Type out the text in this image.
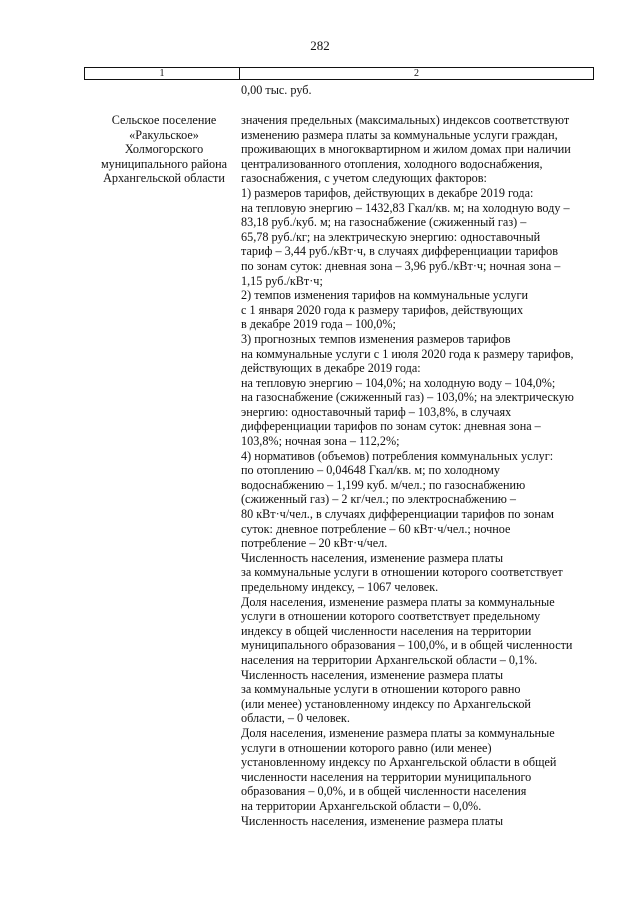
282
1	2
0,00 тыс. руб.
Сельское поселение
«Ракульское»
Холмогорского
муниципального района
Архангельской области
значения предельных (максимальных) индексов соответствуют
изменению размера платы за коммунальные услуги граждан,
проживающих в многоквартирном и жилом домах при наличии
централизованного отопления, холодного водоснабжения,
газоснабжения, с учетом следующих факторов:
1) размеров тарифов, действующих в декабре 2019 года:
на тепловую энергию – 1432,83 Гкал/кв. м; на холодную воду –
83,18 руб./куб. м; на газоснабжение (сжиженный газ) –
65,78 руб./кг; на электрическую энергию: одноставочный
тариф – 3,44 руб./кВт·ч, в случаях дифференциации тарифов
по зонам суток: дневная зона – 3,96 руб./кВт·ч; ночная зона –
1,15 руб./кВт·ч;
2) темпов изменения тарифов на коммунальные услуги
с 1 января 2020 года к размеру тарифов, действующих
в декабре 2019 года – 100,0%;
3) прогнозных темпов изменения размеров тарифов
на коммунальные услуги с 1 июля 2020 года к размеру тарифов,
действующих в декабре 2019 года:
на тепловую энергию – 104,0%; на холодную воду – 104,0%;
на газоснабжение (сжиженный газ) – 103,0%; на электрическую
энергию: одноставочный тариф – 103,8%, в случаях
дифференциации тарифов по зонам суток: дневная зона –
103,8%; ночная зона – 112,2%;
4) нормативов (объемов) потребления коммунальных услуг:
по отоплению – 0,04648 Гкал/кв. м; по холодному
водоснабжению – 1,199 куб. м/чел.; по газоснабжению
(сжиженный газ) – 2 кг/чел.; по электроснабжению –
80 кВт·ч/чел., в случаях дифференциации тарифов по зонам
суток: дневное потребление – 60 кВт·ч/чел.; ночное
потребление – 20 кВт·ч/чел.
Численность населения, изменение размера платы
за коммунальные услуги в отношении которого соответствует
предельному индексу, – 1067 человек.
Доля населения, изменение размера платы за коммунальные
услуги в отношении которого соответствует предельному
индексу в общей численности населения на территории
муниципального образования – 100,0%, и в общей численности
населения на территории Архангельской области – 0,1%.
Численность населения, изменение размера платы
за коммунальные услуги в отношении которого равно
(или менее) установленному индексу по Архангельской
области, – 0 человек.
Доля населения, изменение размера платы за коммунальные
услуги в отношении которого равно (или менее)
установленному индексу по Архангельской области в общей
численности населения на территории муниципального
образования – 0,0%, и в общей численности населения
на территории Архангельской области – 0,0%.
Численность населения, изменение размера платы
